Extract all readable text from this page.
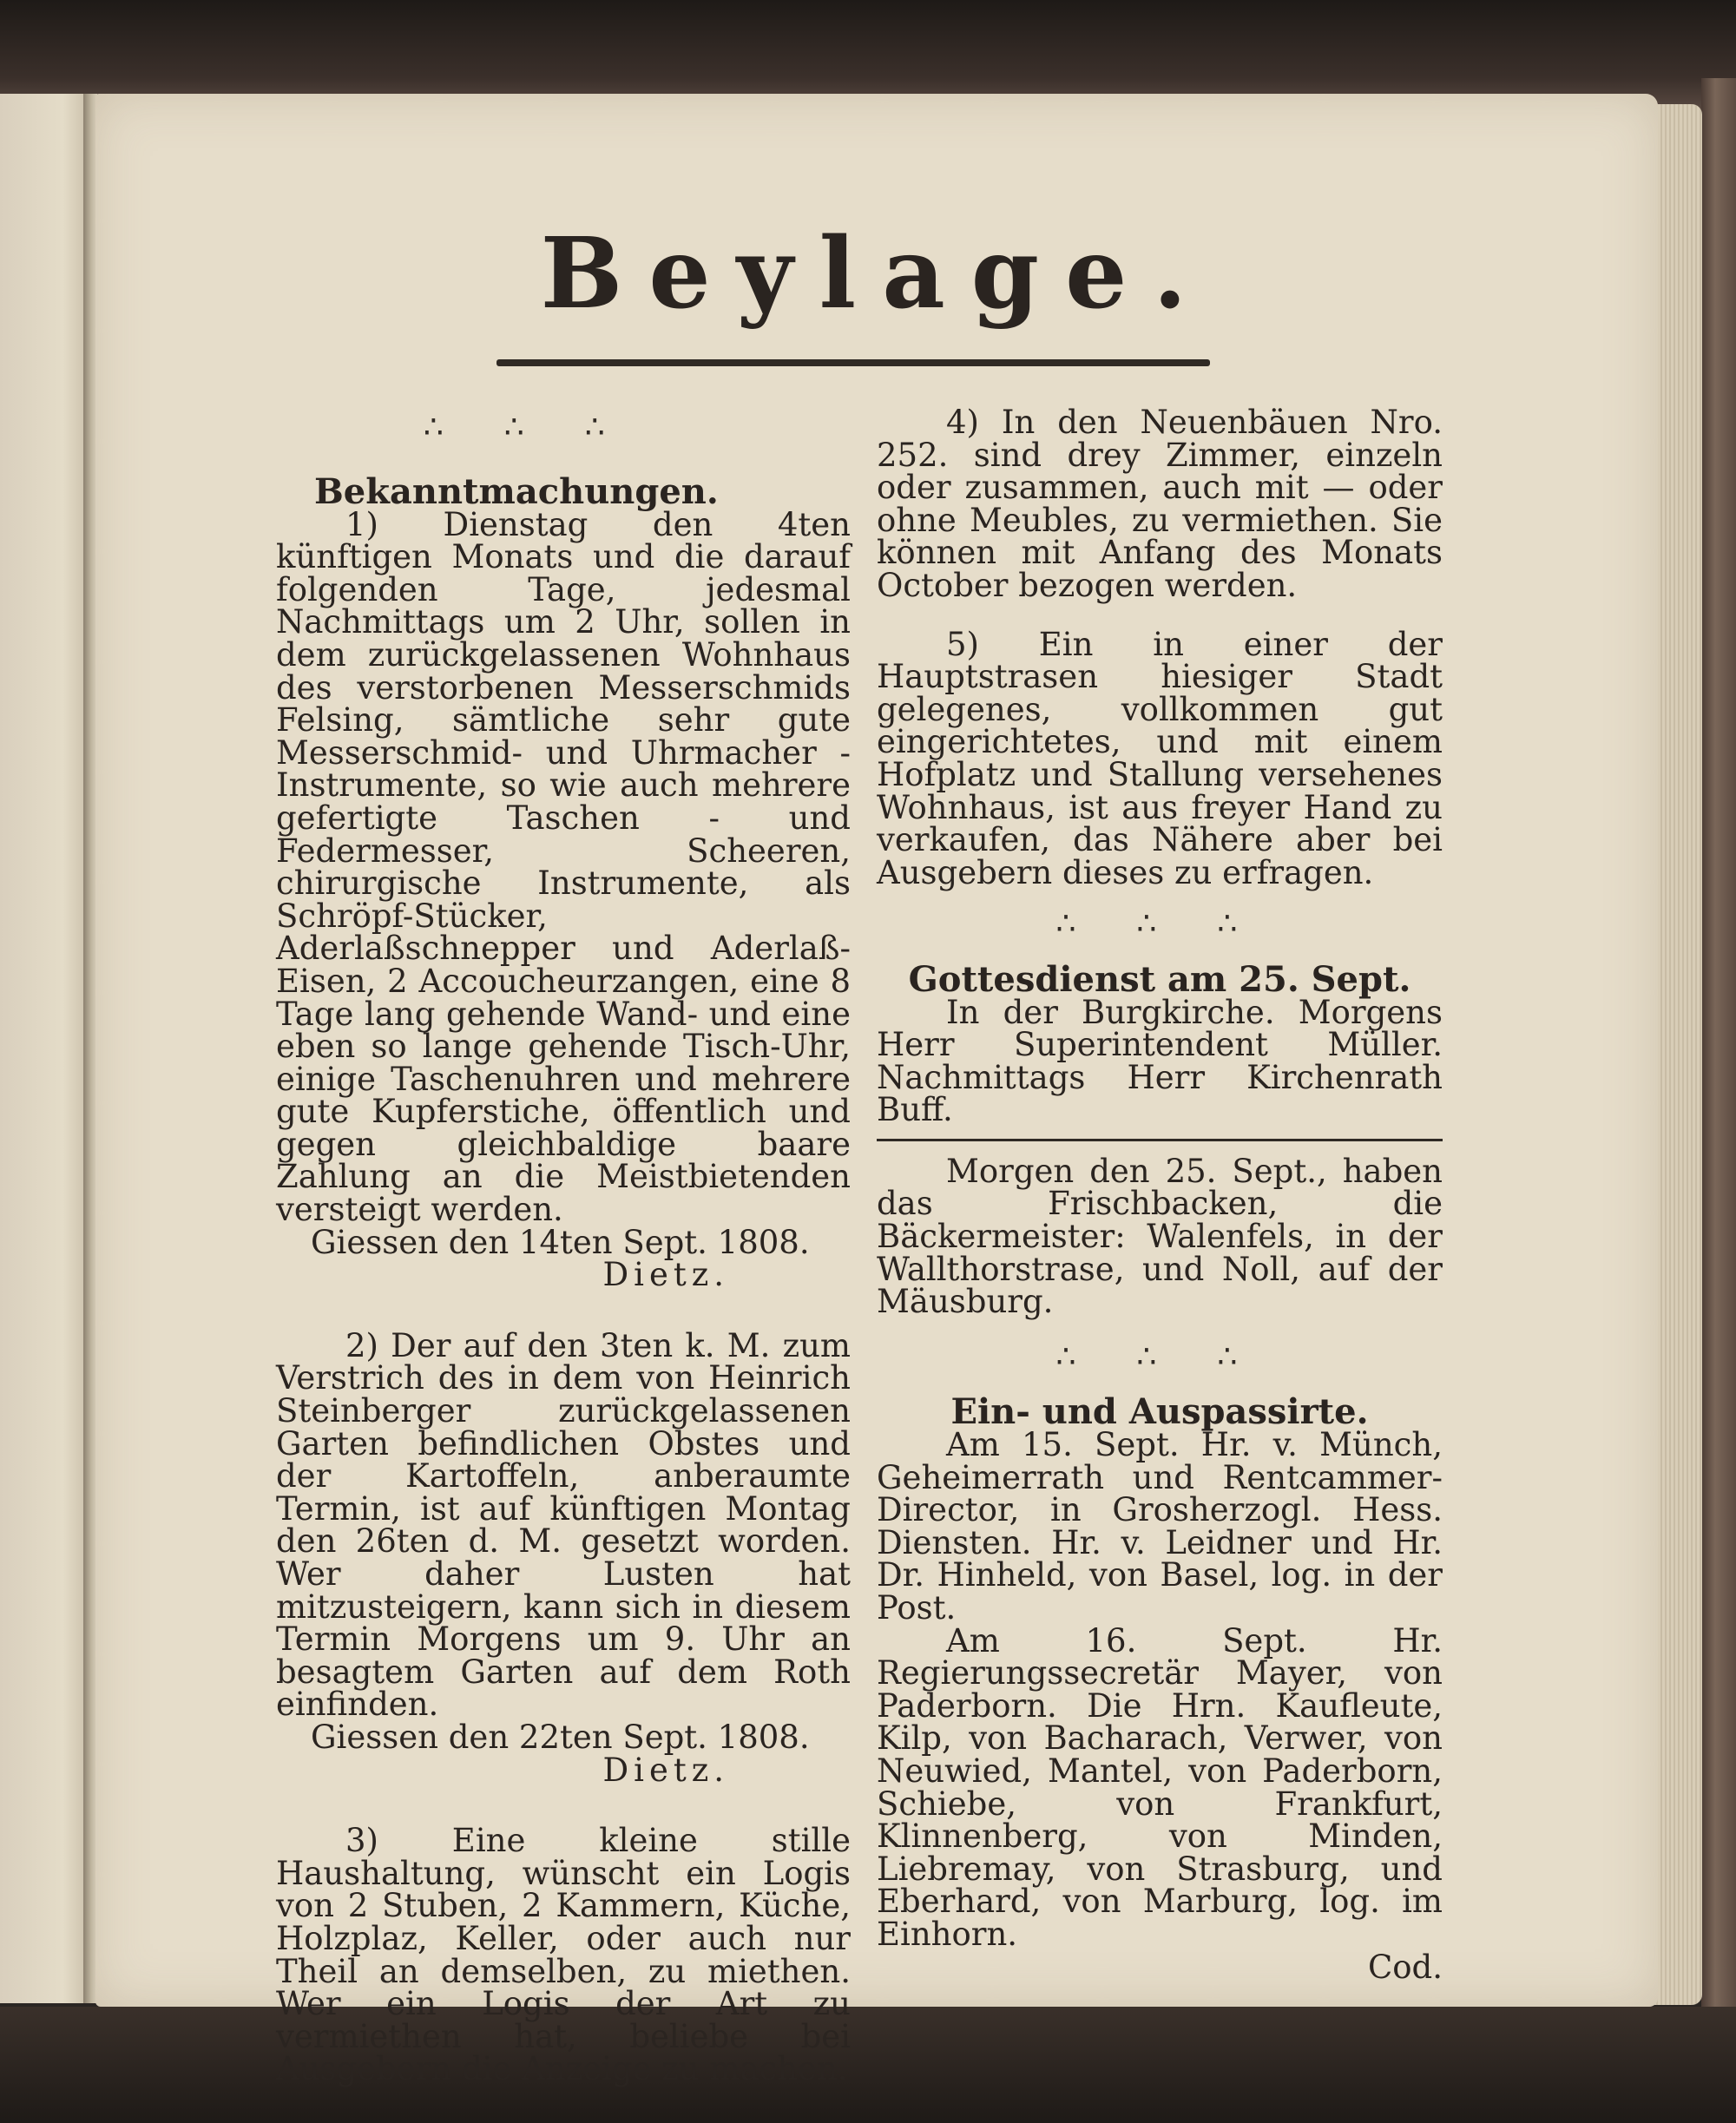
Beylage.
∴∴∴
Bekanntmachungen.

1) Dienstag den 4ten künftigen Monats und die darauf folgenden Tage, jedesmal Nachmittags um 2 Uhr, sollen in dem zurückgelassenen Wohnhaus des verstorbenen Messerschmids Felsing, sämtliche sehr gute Messerschmid- und Uhrmacher - Instrumente, so wie auch mehrere gefertigte Taschen - und Federmesser, Scheeren, chirurgische Instrumente, als Schröpf-Stücker, Aderlaßschnepper und Aderlaß-Eisen, 2 Accoucheurzangen, eine 8 Tage lang gehende Wand- und eine eben so lange gehende Tisch-Uhr, einige Taschenuhren und mehrere gute Kupferstiche, öffentlich und gegen gleichbaldige baare Zahlung an die Meistbietenden versteigt werden.

Giessen den 14ten Sept. 1808.

Dietz.

2) Der auf den 3ten k. M. zum Verstrich des in dem von Heinrich Steinberger zurückgelassenen Garten befindlichen Obstes und der Kartoffeln, anberaumte Termin, ist auf künftigen Montag den 26ten d. M. gesetzt worden. Wer daher Lusten hat mitzusteigern, kann sich in diesem Termin Morgens um 9. Uhr an besagtem Garten auf dem Roth einfinden.

Giessen den 22ten Sept. 1808.

Dietz.

3) Eine kleine stille Haushaltung, wünscht ein Logis von 2 Stuben, 2 Kammern, Küche, Holzplaz, Keller, oder auch nur Theil an demselben, zu miethen. Wer ein Logis der Art zu vermiethen hat, beliebe bei Ausgebern die Anzeige zu machen.

4) In den Neuenbäuen Nro. 252. sind drey Zimmer, einzeln oder zusammen, auch mit — oder ohne Meubles, zu vermiethen. Sie können mit Anfang des Monats October bezogen werden.

5) Ein in einer der Hauptstrasen hiesiger Stadt gelegenes, vollkommen gut eingerichtetes, und mit einem Hofplatz und Stallung versehenes Wohnhaus, ist aus freyer Hand zu verkaufen, das Nähere aber bei Ausgebern dieses zu erfragen.

∴∴∴
Gottesdienst am 25. Sept.

In der Burgkirche. Morgens Herr Superintendent Müller. Nachmittags Herr Kirchenrath Buff.

Morgen den 25. Sept., haben das Frischbacken, die Bäckermeister: Walenfels, in der Wallthorstrase, und Noll, auf der Mäusburg.

∴∴∴
Ein- und Auspassirte.

Am 15. Sept. Hr. v. Münch, Geheimerrath und Rentcammer-Director, in Grosherzogl. Hess. Diensten. Hr. v. Leidner und Hr. Dr. Hinheld, von Basel, log. in der Post.

Am 16. Sept. Hr. Regierungssecretär Mayer, von Paderborn. Die Hrn. Kaufleute, Kilp, von Bacharach, Verwer, von Neuwied, Mantel, von Paderborn, Schiebe, von Frankfurt, Klinnenberg, von Minden, Liebremay, von Strasburg, und Eberhard, von Marburg, log. im Einhorn.

Cod.
